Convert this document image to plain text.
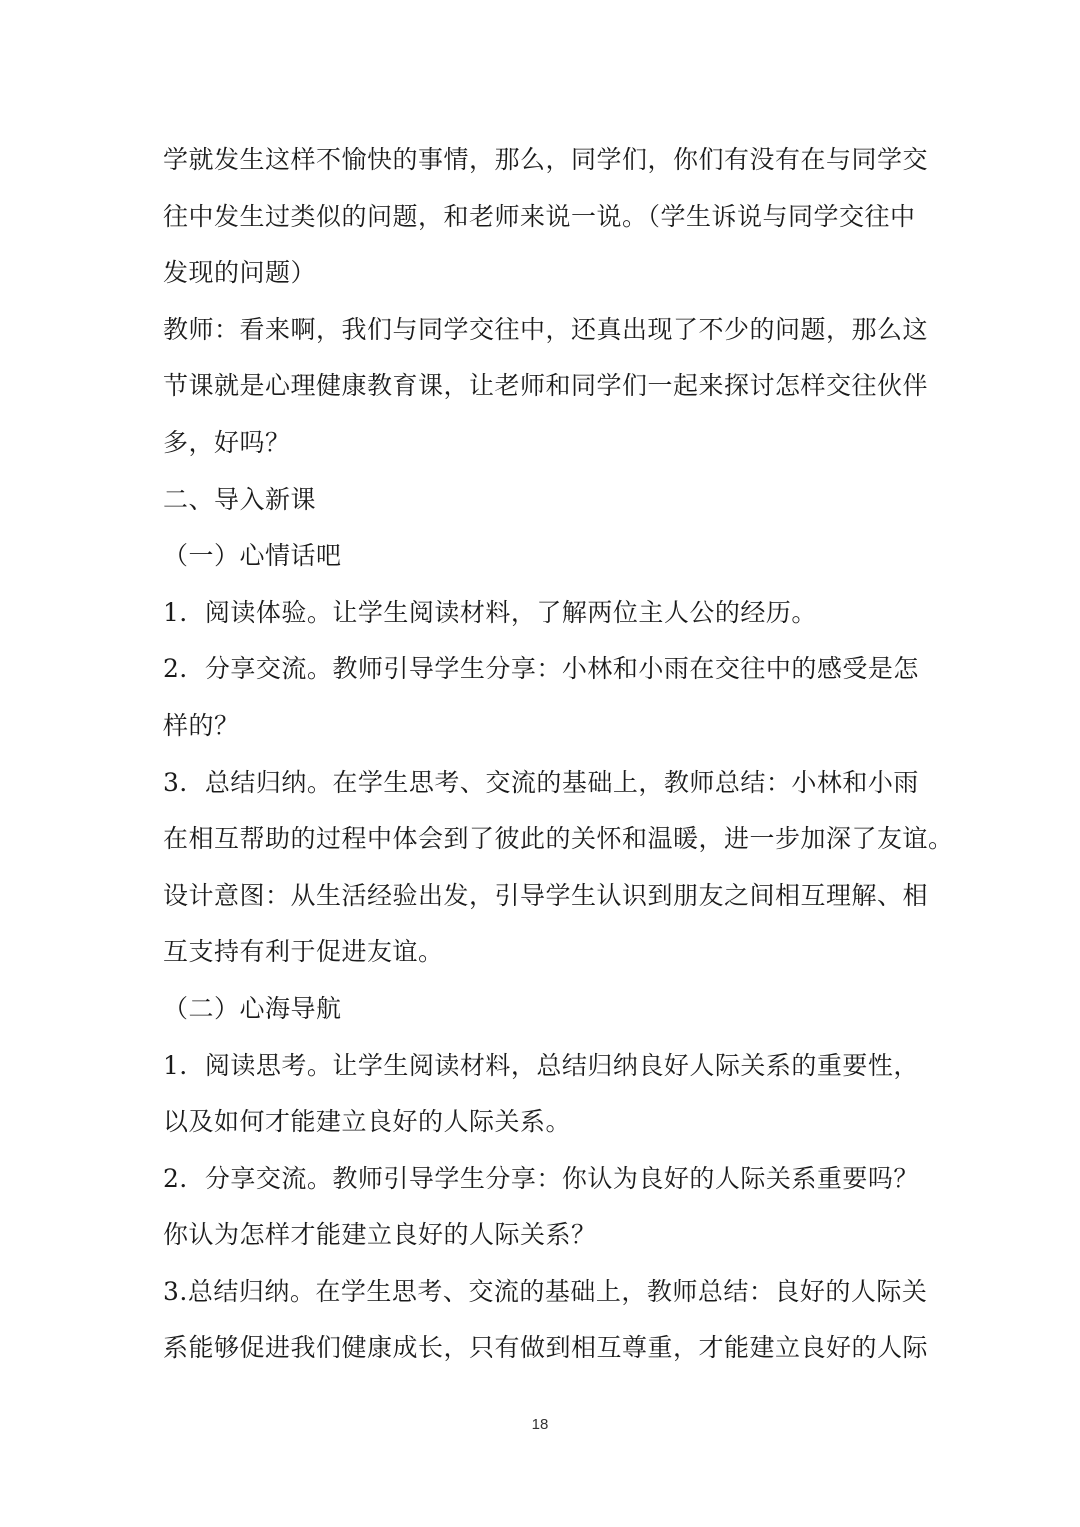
学就发生这样不愉快的事情，那么，同学们，你们有没有在与同学交
往中发生过类似的问题，和老师来说一说。（学生诉说与同学交往中
发现的问题）
教师：看来啊，我们与同学交往中，还真出现了不少的问题，那么这
节课就是心理健康教育课，让老师和同学们一起来探讨怎样交往伙伴
多，好吗？
二、导入新课
（一）心情话吧
1．阅读体验。让学生阅读材料，了解两位主人公的经历。
2．分享交流。教师引导学生分享：小林和小雨在交往中的感受是怎
样的？
3．总结归纳。在学生思考、交流的基础上，教师总结：小林和小雨
在相互帮助的过程中体会到了彼此的关怀和温暖，进一步加深了友谊。
设计意图：从生活经验出发，引导学生认识到朋友之间相互理解、相
互支持有利于促进友谊。
（二）心海导航
1．阅读思考。让学生阅读材料，总结归纳良好人际关系的重要性，
以及如何才能建立良好的人际关系。
2．分享交流。教师引导学生分享：你认为良好的人际关系重要吗？
你认为怎样才能建立良好的人际关系？
3.总结归纳。在学生思考、交流的基础上，教师总结：良好的人际关
系能够促进我们健康成长，只有做到相互尊重，才能建立良好的人际
18
